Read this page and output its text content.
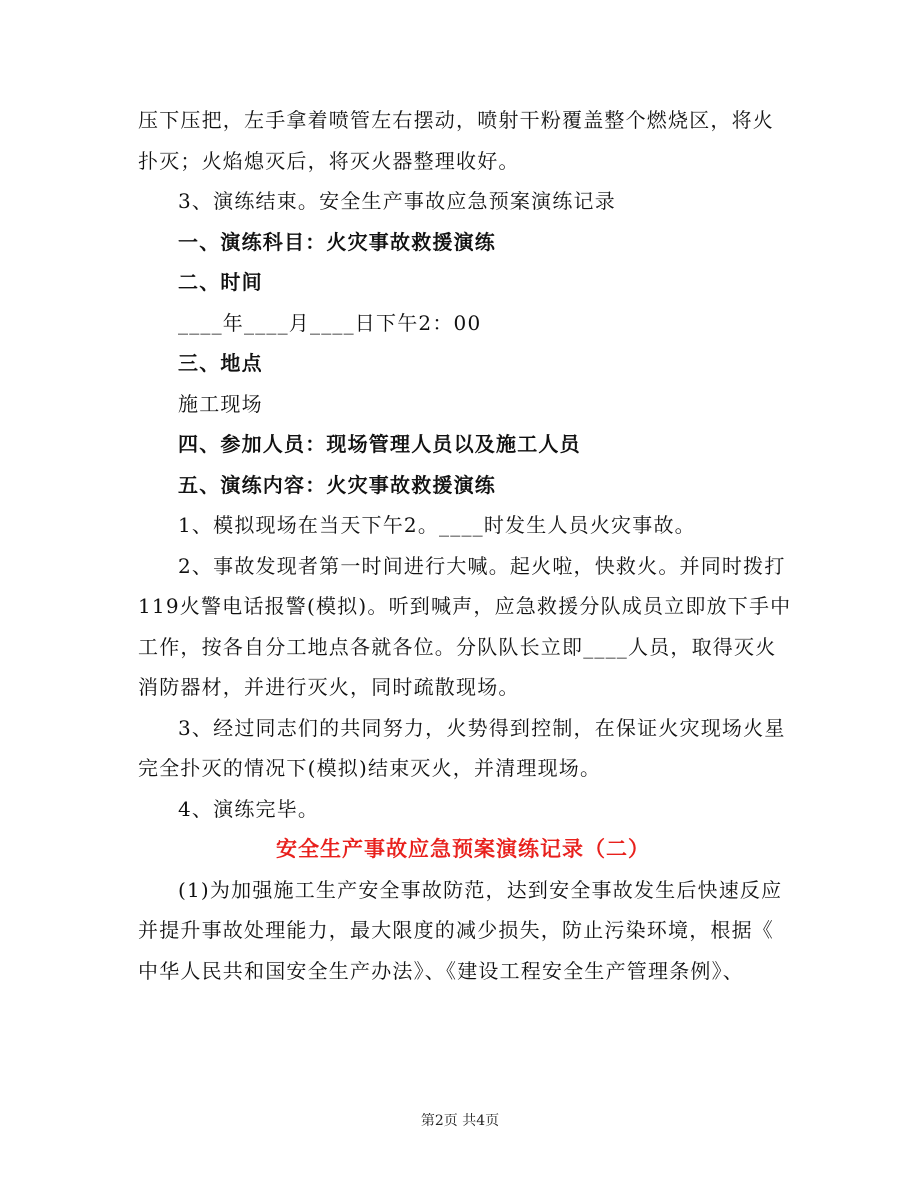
压下压把，左手拿着喷管左右摆动，喷射干粉覆盖整个燃烧区，将火
扑灭；火焰熄灭后，将灭火器整理收好。
3、演练结束。安全生产事故应急预案演练记录
一、演练科目：火灾事故救援演练
二、时间
____年____月____日下午2：00
三、地点
施工现场
四、参加人员：现场管理人员以及施工人员
五、演练内容：火灾事故救援演练
1、模拟现场在当天下午2。____时发生人员火灾事故。
2、事故发现者第一时间进行大喊。起火啦，快救火。并同时拨打
119火警电话报警(模拟)。听到喊声，应急救援分队成员立即放下手中
工作，按各自分工地点各就各位。分队队长立即____人员，取得灭火
消防器材，并进行灭火，同时疏散现场。
3、经过同志们的共同努力，火势得到控制，在保证火灾现场火星
完全扑灭的情况下(模拟)结束灭火，并清理现场。
4、演练完毕。
安全生产事故应急预案演练记录（二）
(1)为加强施工生产安全事故防范，达到安全事故发生后快速反应
并提升事故处理能力，最大限度的减少损失，防止污染环境，根据《
中华人民共和国安全生产办法》、《建设工程安全生产管理条例》、
第2页 共4页
